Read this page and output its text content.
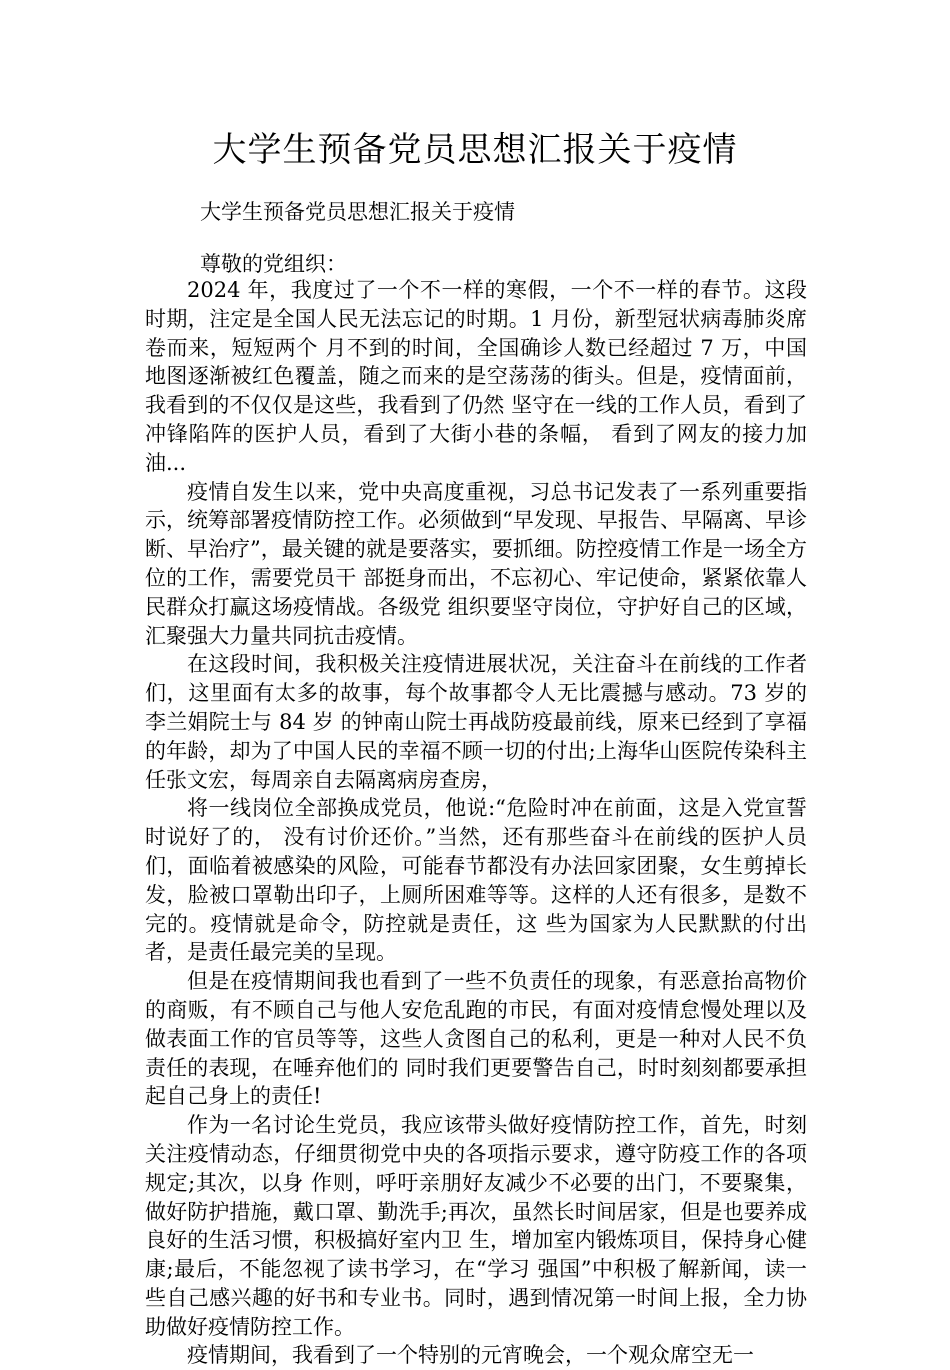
大学生预备党员思想汇报关于疫情

大学生预备党员思想汇报关于疫情

尊敬的党组织：

2024 年，我度过了一个不一样的寒假，一个不一样的春节。这段时期，注定是全国人民无法忘记的时期。1 月份，新型冠状病毒肺炎席卷而来，短短两个 月不到的时间，全国确诊人数已经超过 7 万，中国地图逐渐被红色覆盖，随之而来的是空荡荡的街头。但是，疫情面前，我看到的不仅仅是这些，我看到了仍然 坚守在一线的工作人员，看到了冲锋陷阵的医护人员，看到了大街小巷的条幅， 看到了网友的接力加油...

疫情自发生以来，党中央高度重视，习总书记发表了一系列重要指示，统筹部署疫情防控工作。必须做到“早发现、早报告、早隔离、早诊断、早治疗”，最关键的就是要落实，要抓细。防控疫情工作是一场全方位的工作，需要党员干 部挺身而出，不忘初心、牢记使命，紧紧依靠人民群众打赢这场疫情战。各级党 组织要坚守岗位，守护好自己的区域，汇聚强大力量共同抗击疫情。

在这段时间，我积极关注疫情进展状况，关注奋斗在前线的工作者们，这里面有太多的故事，每个故事都令人无比震撼与感动。73 岁的李兰娟院士与 84 岁 的钟南山院士再战防疫最前线，原来已经到了享福的年龄，却为了中国人民的幸福不顾一切的付出;上海华山医院传染科主任张文宏，每周亲自去隔离病房查房，

将一线岗位全部换成党员，他说:“危险时冲在前面，这是入党宣誓时说好了的， 没有讨价还价。”当然，还有那些奋斗在前线的医护人员们，面临着被感染的风险，可能春节都没有办法回家团聚，女生剪掉长发，脸被口罩勒出印子，上厕所困难等等。这样的人还有很多，是数不完的。疫情就是命令，防控就是责任，这 些为国家为人民默默的付出者，是责任最完美的呈现。

但是在疫情期间我也看到了一些不负责任的现象，有恶意抬高物价的商贩，有不顾自己与他人安危乱跑的市民，有面对疫情怠慢处理以及做表面工作的官员等等，这些人贪图自己的私利，更是一种对人民不负责任的表现，在唾弃他们的 同时我们更要警告自己，时时刻刻都要承担起自己身上的责任!

作为一名讨论生党员，我应该带头做好疫情防控工作，首先，时刻关注疫情动态，仔细贯彻党中央的各项指示要求，遵守防疫工作的各项规定;其次，以身 作则，呼吁亲朋好友减少不必要的出门，不要聚集，做好防护措施，戴口罩、勤洗手;再次，虽然长时间居家，但是也要养成良好的生活习惯，积极搞好室内卫 生，增加室内锻炼项目，保持身心健康;最后，不能忽视了读书学习，在“学习 强国”中积极了解新闻，读一些自己感兴趣的好书和专业书。同时，遇到情况第一时间上报，全力协助做好疫情防控工作。

疫情期间，我看到了一个特别的元宵晚会，一个观众席空无一
